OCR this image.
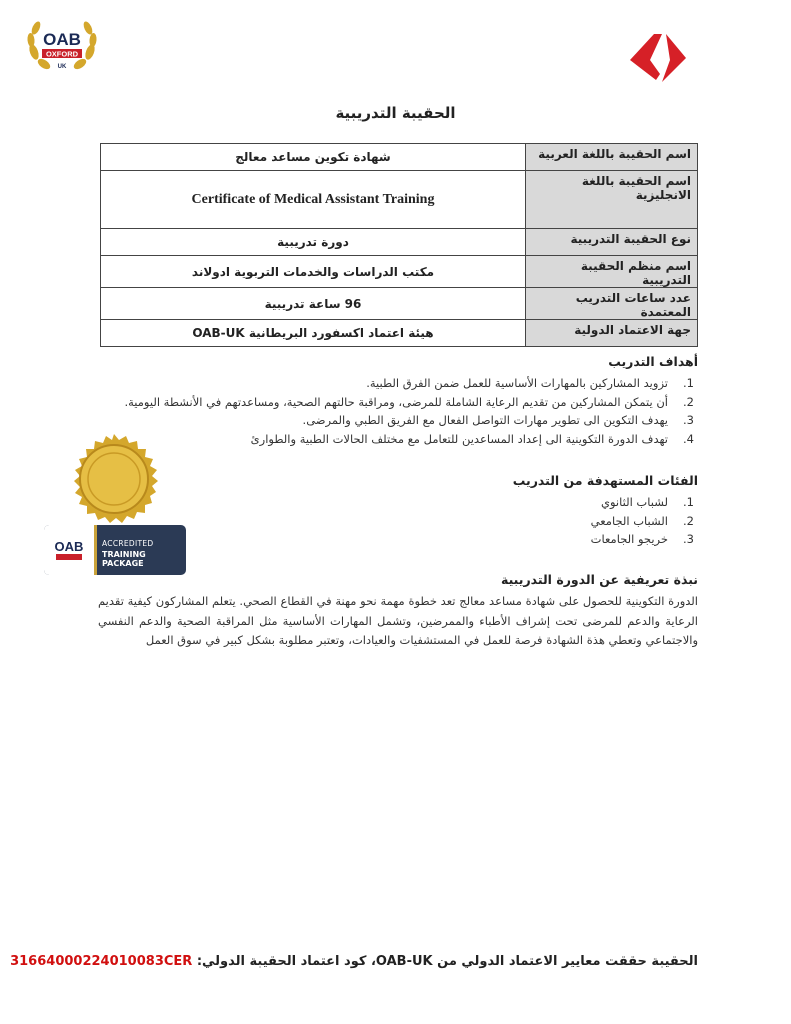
OAB
OXFORD
UK
الحقيبة التدريبية
اسم الحقيبة باللغة العربية	شهادة تكوين مساعد معالج
اسم الحقيبة باللغة الانجليزية	Certificate of Medical Assistant Training
نوع الحقيبة التدريبية	دورة تدريبية
اسم منظم الحقيبة التدريبية	مكتب الدراسات والخدمات التربوية ادولاند
عدد ساعات التدريب المعتمدة	96 ساعة تدريبية
جهة الاعتماد الدولية	هيئة اعتماد اكسفورد البريطانية OAB-UK
أهداف التدريب
1.
تزويد المشاركين بالمهارات الأساسية للعمل ضمن الفرق الطبية.
2.
أن يتمكن المشاركين من تقديم الرعاية الشاملة للمرضى، ومراقبة حالتهم الصحية، ومساعدتهم في الأنشطة اليومية.
3.
يهدف التكوين الى تطوير مهارات التواصل الفعال مع الفريق الطبي والمرضى.
4.
تهدف الدورة التكوينية الى إعداد المساعدين للتعامل مع مختلف الحالات الطبية والطوارئ
الفئات المستهدفة من التدريب
1.
لشباب الثانوي
2.
الشباب الجامعي
3.
خريجو الجامعات
OAB ACCREDITED
TRAINING PACKAGE
نبذة تعريفية عن الدورة التدريبية
الدورة التكوينية للحصول على شهادة مساعد معالج تعد خطوة مهمة نحو مهنة في القطاع الصحي. يتعلم المشاركون كيفية تقديم الرعاية والدعم للمرضى تحت إشراف الأطباء والممرضين، وتشمل المهارات الأساسية مثل المراقبة الصحية والدعم النفسي والاجتماعي وتعطي هذة الشهادة فرصة للعمل في المستشفيات والعيادات، وتعتبر مطلوبة بشكل كبير في سوق العمل
الحقيبة حققت معايير الاعتماد الدولي من OAB-UK، كود اعتماد الحقيبة الدولي: 31664000224010083CER
